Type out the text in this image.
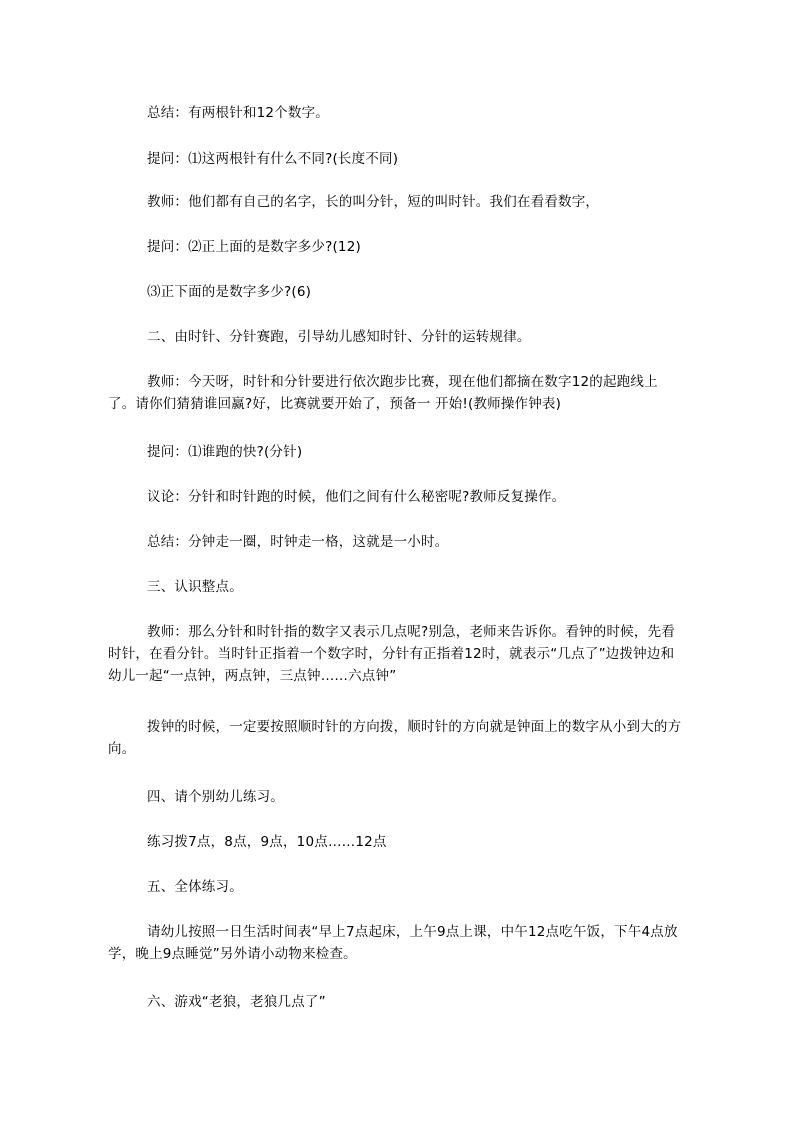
总结：有两根针和12个数字。

提问：⑴这两根针有什么不同?(长度不同)

教师：他们都有自己的名字，长的叫分针，短的叫时针。我们在看看数字，

提问：⑵正上面的是数字多少?(12)

⑶正下面的是数字多少?(6)

二、由时针、分针赛跑，引导幼儿感知时针、分针的运转规律。

教师：今天呀，时针和分针要进行依次跑步比赛，现在他们都摘在数字12的起跑线上了。请你们猜猜谁回赢?好，比赛就要开始了，预备一 开始!(教师操作钟表)

提问：⑴谁跑的快?(分针)

议论：分针和时针跑的时候，他们之间有什么秘密呢?教师反复操作。

总结：分钟走一圈，时钟走一格，这就是一小时。

三、认识整点。

教师：那么分针和时针指的数字又表示几点呢?别急，老师来告诉你。看钟的时候，先看时针，在看分针。当时针正指着一个数字时，分针有正指着12时，就表示“几点了”边拨钟边和幼儿一起“一点钟，两点钟，三点钟……六点钟”

拨钟的时候，一定要按照顺时针的方向拨，顺时针的方向就是钟面上的数字从小到大的方向。

四、请个别幼儿练习。

练习拨7点，8点，9点，10点……12点

五、全体练习。

请幼儿按照一日生活时间表“早上7点起床，上午9点上课，中午12点吃午饭，下午4点放学，晚上9点睡觉”另外请小动物来检查。

六、游戏“老狼，老狼几点了”
